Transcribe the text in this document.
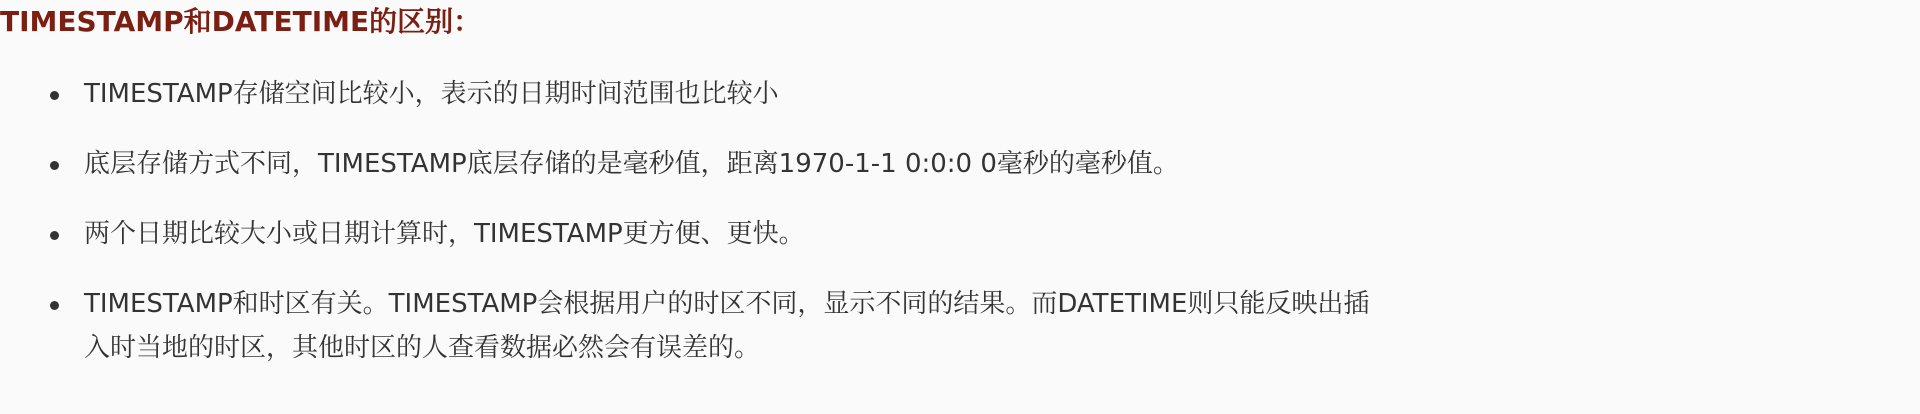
TIMESTAMP和DATETIME的区别：
TIMESTAMP存储空间比较小，表示的日期时间范围也比较小
底层存储方式不同，TIMESTAMP底层存储的是毫秒值，距离1970-1-1 0:0:0 0毫秒的毫秒值。
两个日期比较大小或日期计算时，TIMESTAMP更方便、更快。
TIMESTAMP和时区有关。TIMESTAMP会根据用户的时区不同，显示不同的结果。而DATETIME则只能反映出插
入时当地的时区，其他时区的人查看数据必然会有误差的。
